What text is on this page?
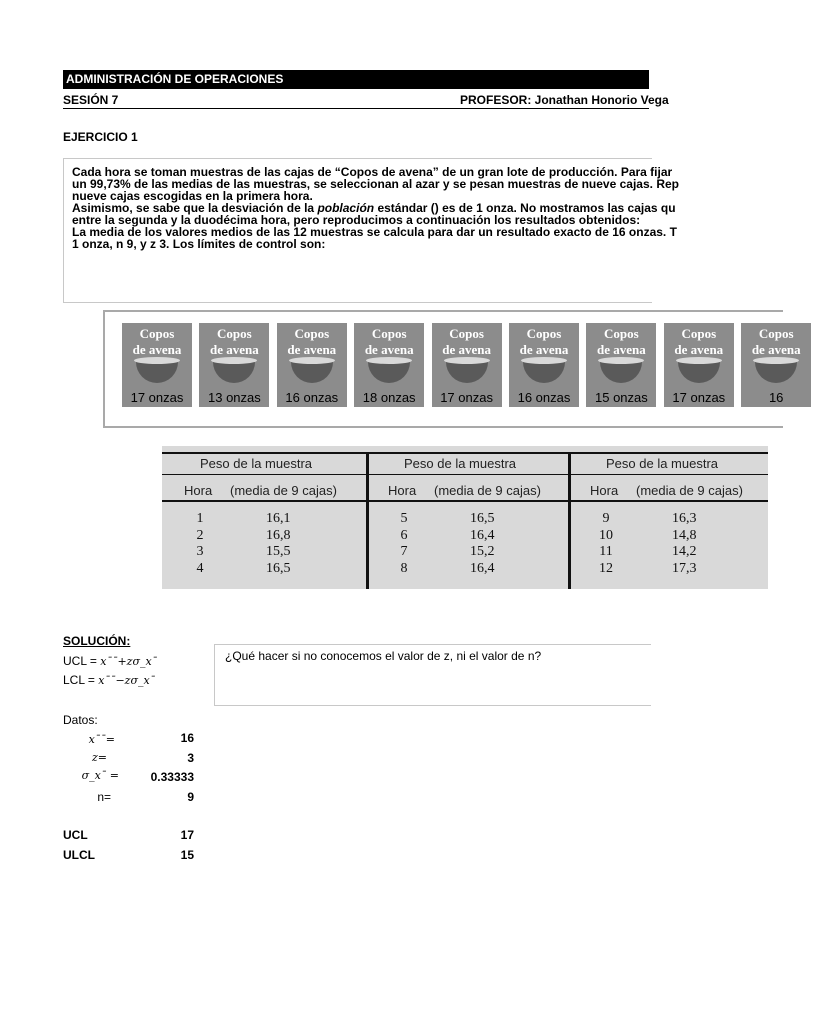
ADMINISTRACIÓN DE OPERACIONES
SESIÓN 7	PROFESOR: Jonathan Honorio Vega
EJERCICIO 1

Cada hora se toman muestras de las cajas de “Copos de avena” de un gran lote de producción. Para fijar

un 99,73% de las medias de las muestras, se seleccionan al azar y se pesan muestras de nueve cajas. Rep

nueve cajas escogidas en la primera hora.

Asimismo, se sabe que la desviación de la población estándar () es de 1 onza. No mostramos las cajas qu

entre la segunda y la duodécima hora, pero reproducimos a continuación los resultados obtenidos:

La media de los valores medios de las 12 muestras se calcula para dar un resultado exacto de 16 onzas. T

1 onza, n 9, y z 3. Los límites de control son:

Copos
de avena
17 onzas
Copos
de avena
13 onzas
Copos
de avena
16 onzas
Copos
de avena
18 onzas
Copos
de avena
17 onzas
Copos
de avena
16 onzas
Copos
de avena
15 onzas
Copos
de avena
17 onzas
Copos
de avena
16
Peso de la muestra
Hora (media de 9 cajas)
1	16,1
2	16,8
3	15,5
4	16,5
Peso de la muestra
Hora (media de 9 cajas)
5	16,5
6	16,4
7	15,2
8	16,4
Peso de la muestra
Hora (media de 9 cajas)
9	16,3
10	14,8
11	14,2
12	17,3
SOLUCIÓN:
UCL = x¯¯+zσ_x¯
LCL = x¯¯−zσ_x¯
¿Qué hacer si no conocemos el valor de z, ni el valor de n?
Datos:
x¯¯=	16
z=	3
σ_x¯ =	0.33333
n=	9
UCL	17
ULCL	15
